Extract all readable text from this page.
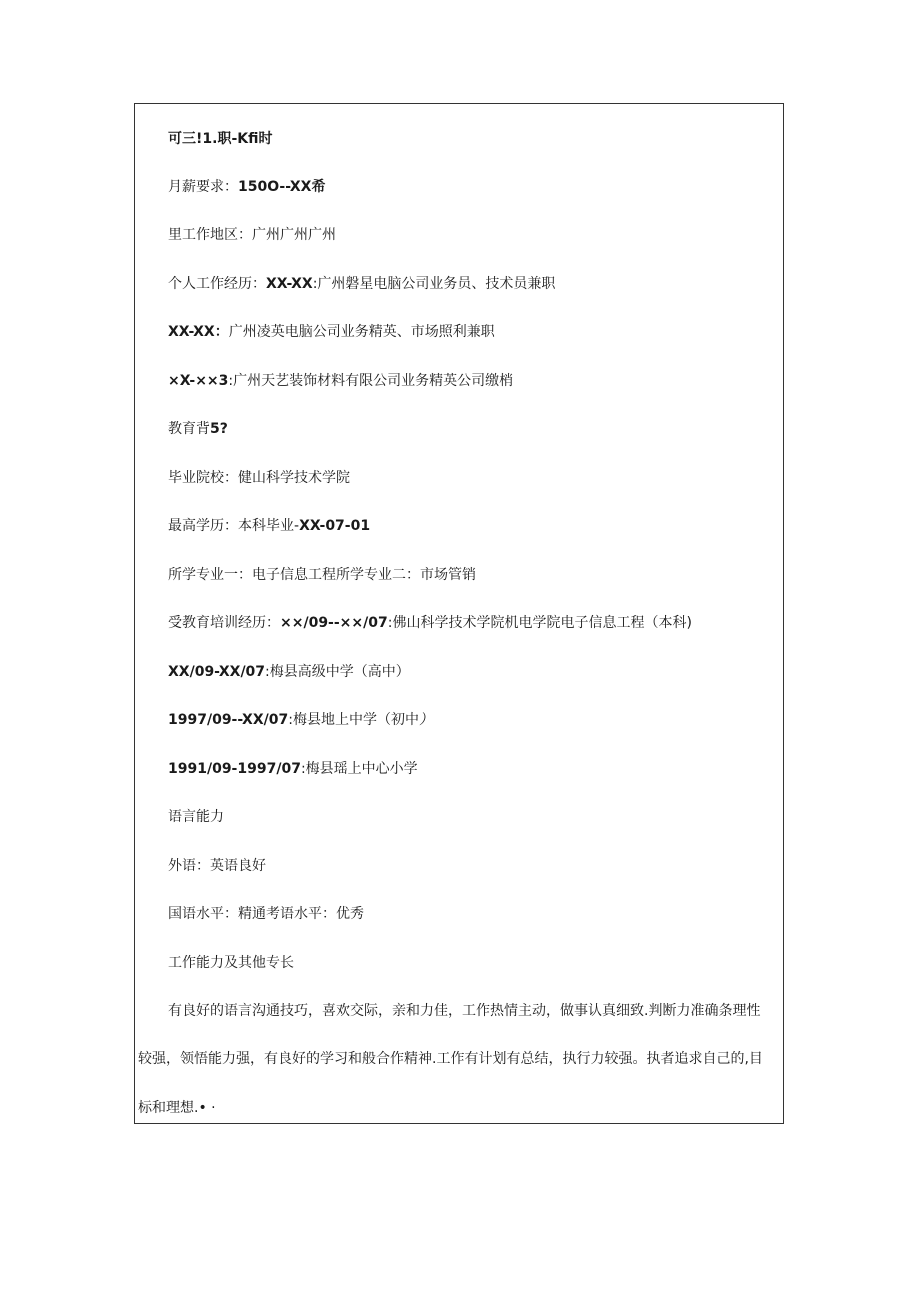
可三!1.职-Kfi时
月薪要求：150O--XX希
里工作地区：广州广州广州
个人工作经历：XX-XX:广州磐星电脑公司业务员、技术员兼职
XX-XX：广州凌英电脑公司业务精英、市场照利兼职
×X-××3:广州天艺装饰材料有限公司业务精英公司缴梢
教育背5?
毕业院校：健山科学技术学院
最高学历：本科毕业-XX-07-01
所学专业一：电子信息工程所学专业二：市场管销
受教育培训经历：××/09--××/07:佛山科学技术学院机电学院电子信息工程（本科)
XX/09-XX/07:梅县高级中学（高中）
1997/09--XX/07:梅县地上中学（初中）
1991/09-1997/07:梅县瑶上中心小学
语言能力
外语：英语良好
国语水平：精通考语水平：优秀
工作能力及其他专长
有良好的语言沟通技巧，喜欢交际，亲和力佳，工作热情主动，做事认真细致.判断力准确条理性
较强，领悟能力强，有良好的学习和般合作精神.工作有计划有总结，执行力较强。执者追求自己的,目
标和理想.• ·
